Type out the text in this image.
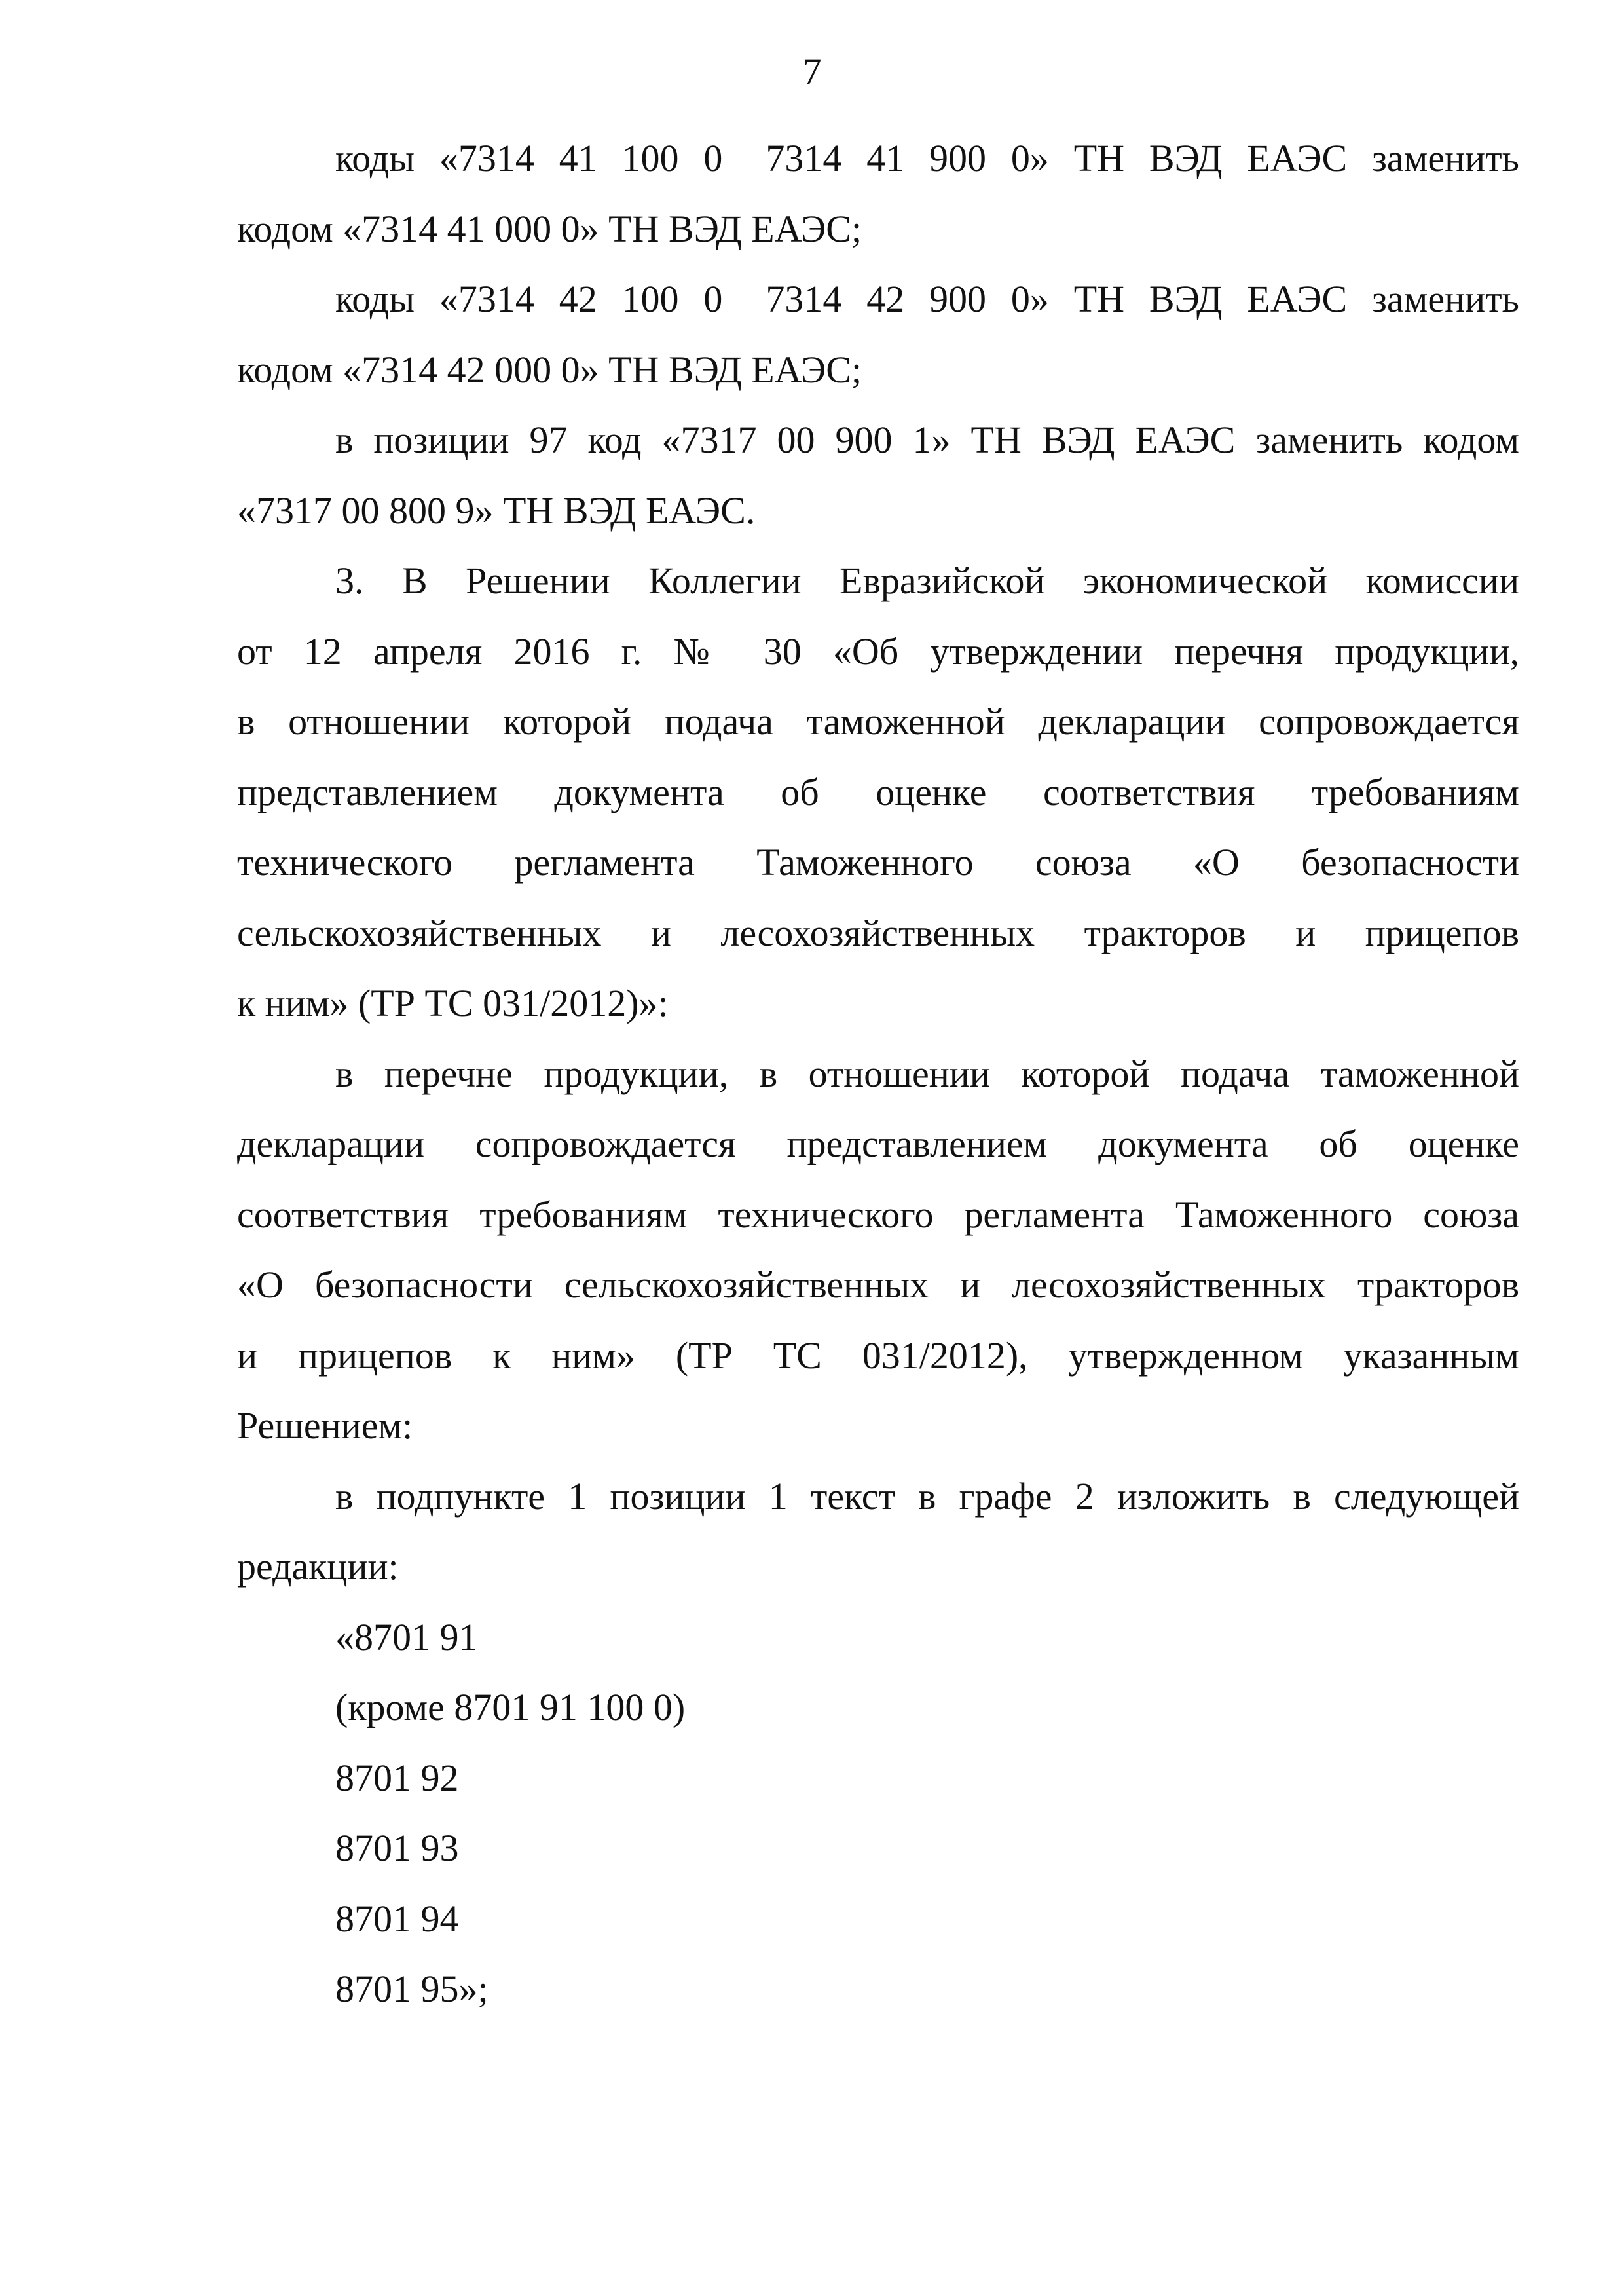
7

коды «7314 41 100 0 7314 41 900 0» ТН ВЭД ЕАЭС заменить
кодом «7314 41 000 0» ТН ВЭД ЕАЭС;

коды «7314 42 100 0 7314 42 900 0» ТН ВЭД ЕАЭС заменить
кодом «7314 42 000 0» ТН ВЭД ЕАЭС;

в позиции 97 код «7317 00 900 1» ТН ВЭД ЕАЭС заменить кодом
«7317 00 800 9» ТН ВЭД ЕАЭС.

3. В Решении Коллегии Евразийской экономической комиссии
от 12 апреля 2016 г. № 30 «Об утверждении перечня продукции,
в отношении которой подача таможенной декларации сопровождается
представлением документа об оценке соответствия требованиям
технического регламента Таможенного союза «О безопасности
сельскохозяйственных и лесохозяйственных тракторов и прицепов
к ним» (ТР ТС 031/2012)»:

в перечне продукции, в отношении которой подача таможенной
декларации сопровождается представлением документа об оценке
соответствия требованиям технического регламента Таможенного союза
«О безопасности сельскохозяйственных и лесохозяйственных тракторов
и прицепов к ним» (ТР ТС 031/2012), утвержденном указанным
Решением:

в подпункте 1 позиции 1 текст в графе 2 изложить в следующей
редакции:

«8701 91

(кроме 8701 91 100 0)

8701 92

8701 93

8701 94

8701 95»;
